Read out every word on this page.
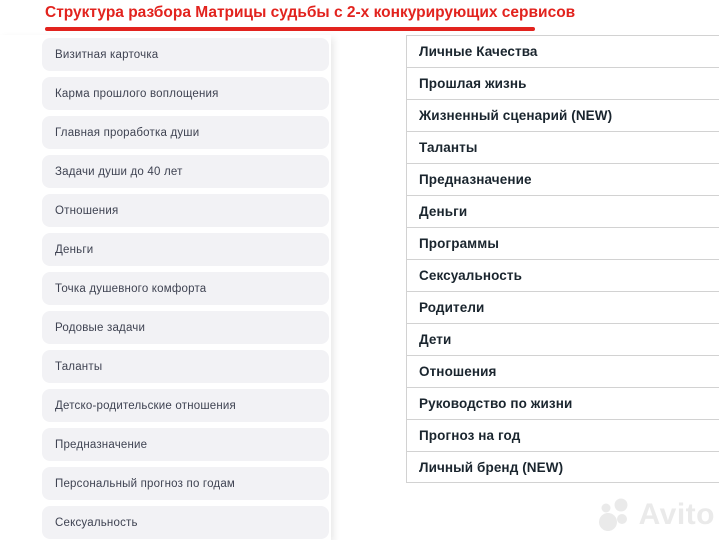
Структура разбора Матрицы судьбы с 2-х конкурирующих сервисов
Визитная карточка
Карма прошлого воплощения
Главная проработка души
Задачи души до 40 лет
Отношения
Деньги
Точка душевного комфорта
Родовые задачи
Таланты
Детско-родительские отношения
Предназначение
Персональный прогноз по годам
Сексуальность
Личные Качества
Прошлая жизнь
Жизненный сценарий (NEW)
Таланты
Предназначение
Деньги
Программы
Сексуальность
Родители
Дети
Отношения
Руководство по жизни
Прогноз на год
Личный бренд (NEW)
Avito
